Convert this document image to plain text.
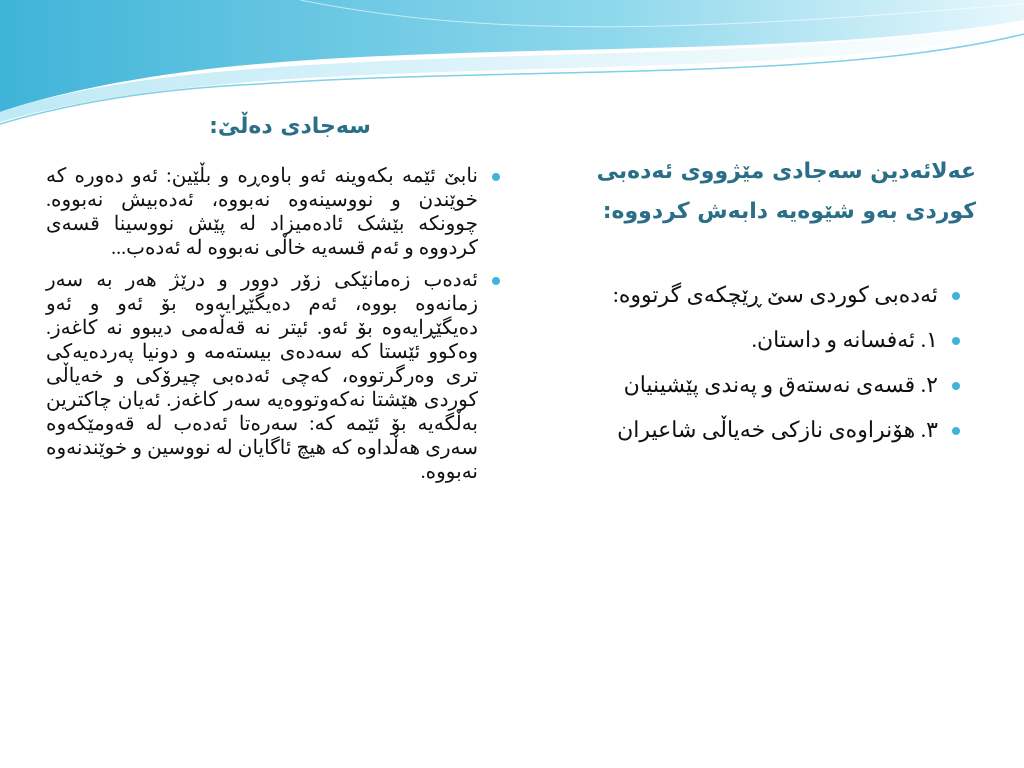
سەجادی دەڵێ:
نابێ ئێمە بکەوینە ئەو باوەڕە و بڵێین: ئەو دەورە کە خوێندن و نووسینەوە نەبووە، ئەدەبیش نەبووە. چوونکە بێشک ئادەمیزاد لە پێش نووسینا قسەی کردووە و ئەم قسەیە خاڵی نەبووە لە ئەدەب...
ئەدەب زەمانێکی زۆر دوور و درێژ هەر بە سەر زمانەوە بووە، ئەم دەیگێڕایەوە بۆ ئەو و ئەو دەیگێڕایەوە بۆ ئەو. ئیتر نە قەڵەمی دیبوو نە کاغەز. وەکوو ئێستا کە سەدەی بیستەمە و دونیا پەردەیەکی تری وەرگرتووە، کەچی ئەدەبی چیرۆکی و خەیاڵی کوردی هێشتا نەکەوتووەیە سەر کاغەز. ئەیان چاکترین بەڵگەیە بۆ ئێمە کە: سەرەتا ئەدەب لە قەومێکەوە سەری هەڵداوە کە هیچ ئاگایان لە نووسین و خوێندنەوە نەبووە.
عەلائەدین سەجادی مێژووی ئەدەبی کوردی بەو شێوەیە دابەش کردووە:
ئەدەبی کوردی سێ ڕێچکەی گرتووە:
١. ئەفسانە و داستان.
٢. قسەی نەستەق و پەندی پێشینیان
٣. هۆنراوەی نازکی خەیاڵی شاعیران
